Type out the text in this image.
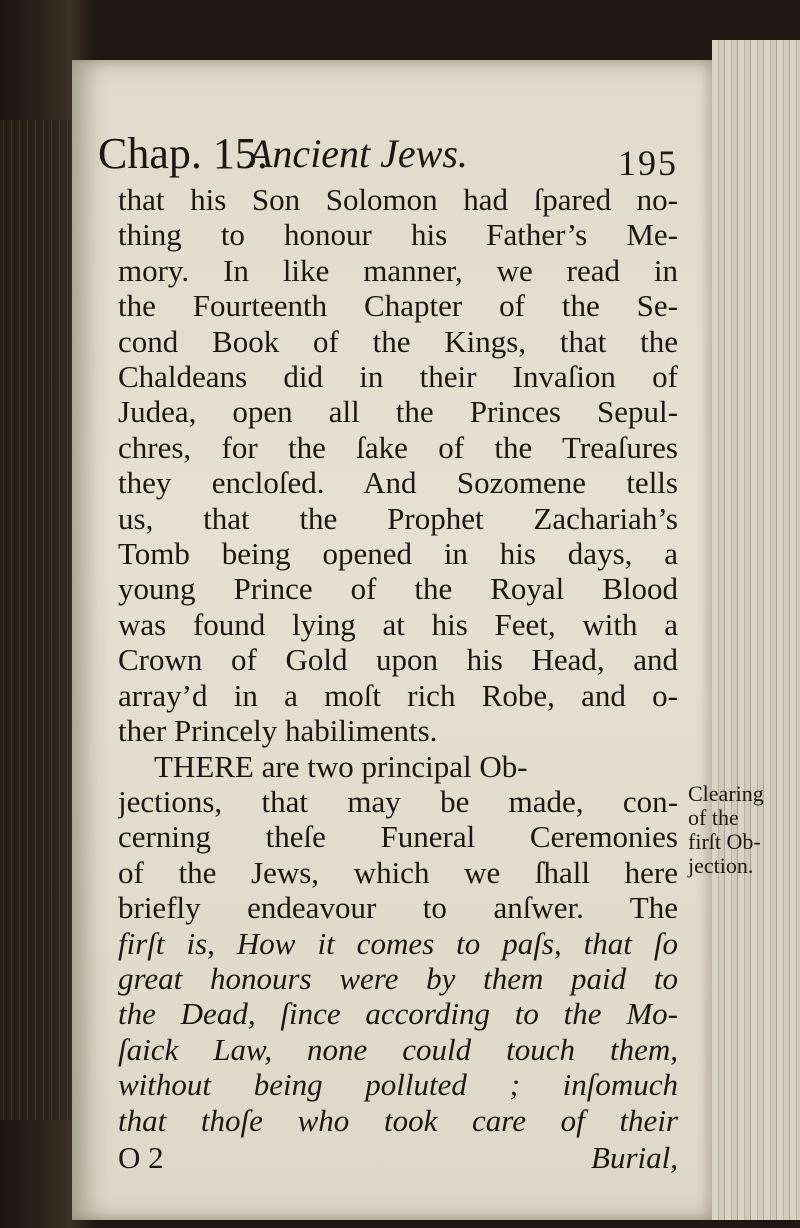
Chap. 15.
Ancient Jews.	195
that his Son Solomon had ſpared no-
thing to honour his Father’s Me-
mory. In like manner, we read in
the Fourteenth Chapter of the Se-
cond Book of the Kings, that the
Chaldeans did in their Invaſion of
Judea, open all the Princes Sepul-
chres, for the ſake of the Treaſures
they encloſed. And Sozomene tells
us, that the Prophet Zachariah’s
Tomb being opened in his days, a
young Prince of the Royal Blood
was found lying at his Feet, with a
Crown of Gold upon his Head, and
array’d in a moſt rich Robe, and o-
ther Princely habiliments.
THERE are two principal Ob-
jections, that may be made, con-
cerning theſe Funeral Ceremonies
of the Jews, which we ſhall here
briefly endeavour to anſwer. The
firſt is, How it comes to paſs, that ſo
great honours were by them paid to
the Dead, ſince according to the Mo-
ſaick Law, none could touch them,
without being polluted ; inſomuch
that thoſe who took care of their
Clearing
of the
firſt Ob-
jection.
O 2	Burial,
